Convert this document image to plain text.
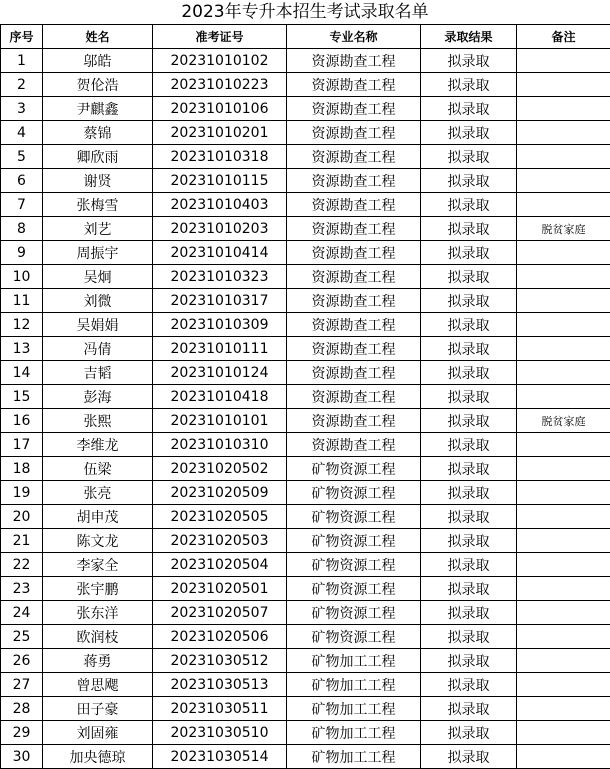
2023年专升本招生考试录取名单
序号	姓名	准考证号	专业名称	录取结果	备注
1	邬皓	20231010102	资源勘查工程	拟录取	
2	贺伦浩	20231010223	资源勘查工程	拟录取	
3	尹麒鑫	20231010106	资源勘查工程	拟录取	
4	蔡锦	20231010201	资源勘查工程	拟录取	
5	卿欣雨	20231010318	资源勘查工程	拟录取	
6	谢贤	20231010115	资源勘查工程	拟录取	
7	张梅雪	20231010403	资源勘查工程	拟录取	
8	刘艺	20231010203	资源勘查工程	拟录取	脱贫家庭
9	周振宇	20231010414	资源勘查工程	拟录取	
10	吴炯	20231010323	资源勘查工程	拟录取	
11	刘微	20231010317	资源勘查工程	拟录取	
12	吴娟娟	20231010309	资源勘查工程	拟录取	
13	冯倩	20231010111	资源勘查工程	拟录取	
14	吉韬	20231010124	资源勘查工程	拟录取	
15	彭海	20231010418	资源勘查工程	拟录取	
16	张熙	20231010101	资源勘查工程	拟录取	脱贫家庭
17	李维龙	20231010310	资源勘查工程	拟录取	
18	伍梁	20231020502	矿物资源工程	拟录取	
19	张亮	20231020509	矿物资源工程	拟录取	
20	胡申茂	20231020505	矿物资源工程	拟录取	
21	陈文龙	20231020503	矿物资源工程	拟录取	
22	李家全	20231020504	矿物资源工程	拟录取	
23	张宇鹏	20231020501	矿物资源工程	拟录取	
24	张东洋	20231020507	矿物资源工程	拟录取	
25	欧润枝	20231020506	矿物资源工程	拟录取	
26	蒋勇	20231030512	矿物加工工程	拟录取	
27	曾思飔	20231030513	矿物加工工程	拟录取	
28	田子豪	20231030511	矿物加工工程	拟录取	
29	刘固雍	20231030510	矿物加工工程	拟录取	
30	加央德琼	20231030514	矿物加工工程	拟录取	
